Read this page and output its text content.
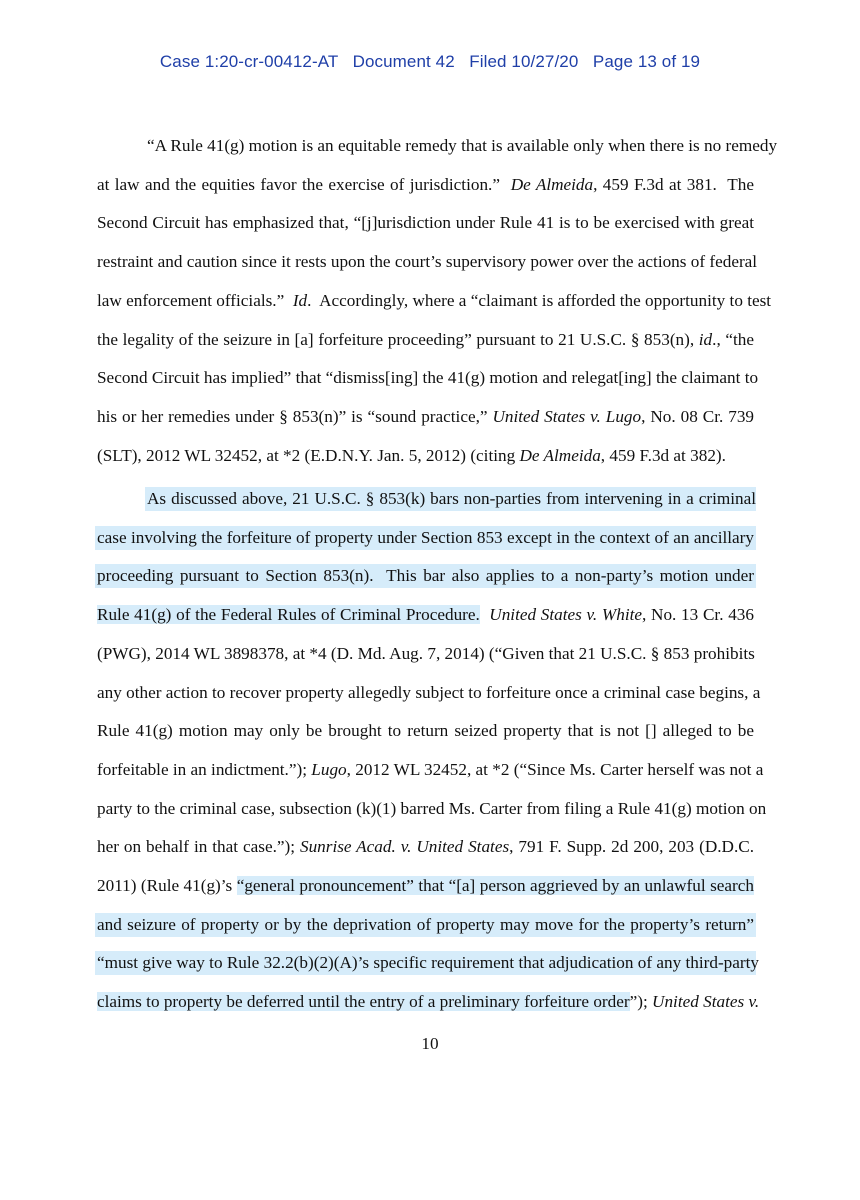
Case 1:20-cr-00412-AT Document 42 Filed 10/27/20 Page 13 of 19
“A Rule 41(g) motion is an equitable remedy that is available only when there is no remedy
at law and the equities favor the exercise of jurisdiction.”  De Almeida, 459 F.3d at 381.  The
Second Circuit has emphasized that, “[j]urisdiction under Rule 41 is to be exercised with great
restraint and caution since it rests upon the court’s supervisory power over the actions of federal
law enforcement officials.”  Id.  Accordingly, where a “claimant is afforded the opportunity to test
the legality of the seizure in [a] forfeiture proceeding” pursuant to 21 U.S.C. § 853(n), id., “the
Second Circuit has implied” that “dismiss[ing] the 41(g) motion and relegat[ing] the claimant to
his or her remedies under § 853(n)” is “sound practice,” United States v. Lugo, No. 08 Cr. 739
(SLT), 2012 WL 32452, at *2 (E.D.N.Y. Jan. 5, 2012) (citing De Almeida, 459 F.3d at 382).
As discussed above, 21 U.S.C. § 853(k) bars non-parties from intervening in a criminal
case involving the forfeiture of property under Section 853 except in the context of an ancillary
proceeding pursuant to Section 853(n).  This bar also applies to a non-party’s motion under
Rule 41(g) of the Federal Rules of Criminal Procedure. United States v. White, No. 13 Cr. 436
(PWG), 2014 WL 3898378, at *4 (D. Md. Aug. 7, 2014) (“Given that 21 U.S.C. § 853 prohibits
any other action to recover property allegedly subject to forfeiture once a criminal case begins, a
Rule 41(g) motion may only be brought to return seized property that is not [] alleged to be
forfeitable in an indictment.”); Lugo, 2012 WL 32452, at *2 (“Since Ms. Carter herself was not a
party to the criminal case, subsection (k)(1) barred Ms. Carter from filing a Rule 41(g) motion on
her on behalf in that case.”); Sunrise Acad. v. United States, 791 F. Supp. 2d 200, 203 (D.D.C.
2011) (Rule 41(g)’s “general pronouncement” that “[a] person aggrieved by an unlawful search
and seizure of property or by the deprivation of property may move for the property’s return”
“must give way to Rule 32.2(b)(2)(A)’s specific requirement that adjudication of any third-party
claims to property be deferred until the entry of a preliminary forfeiture order”); United States v.
10
